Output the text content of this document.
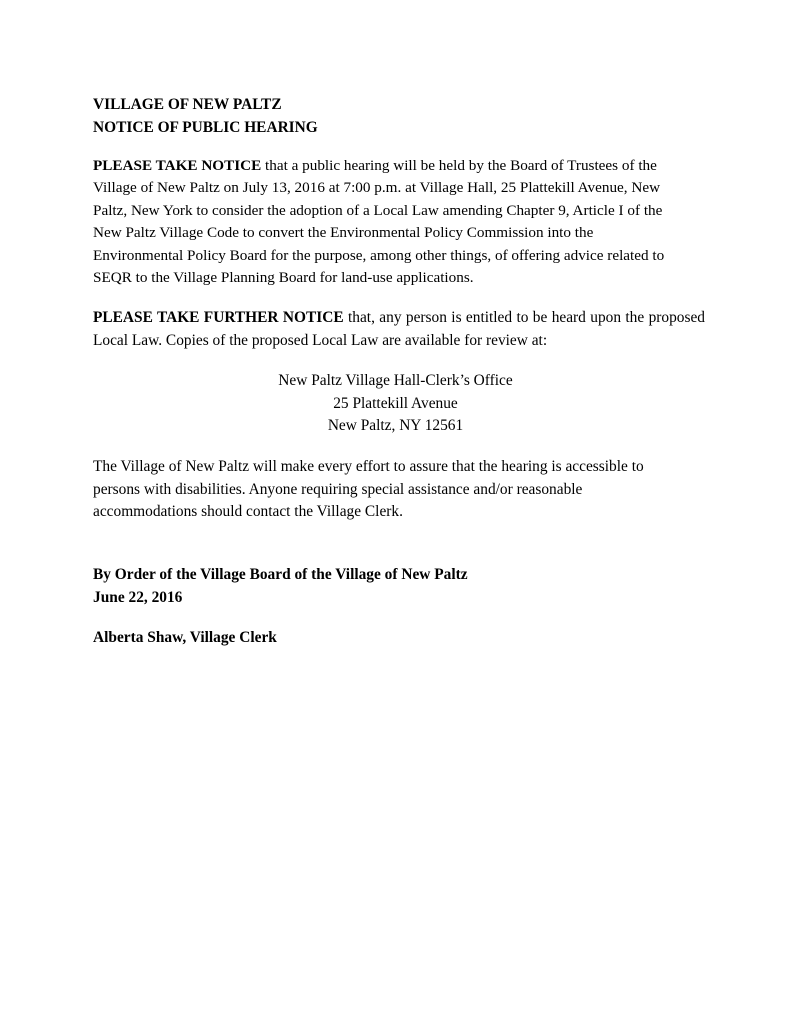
VILLAGE OF NEW PALTZ
NOTICE OF PUBLIC HEARING
PLEASE TAKE NOTICE that a public hearing will be held by the Board of Trustees of the Village of New Paltz on July 13, 2016 at 7:00 p.m. at Village Hall, 25 Plattekill Avenue, New Paltz, New York to consider the adoption of a Local Law amending Chapter 9, Article I of the New Paltz Village Code to convert the Environmental Policy Commission into the Environmental Policy Board for the purpose, among other things, of offering advice related to SEQR to the Village Planning Board for land-use applications.
PLEASE TAKE FURTHER NOTICE that, any person is entitled to be heard upon the proposed Local Law. Copies of the proposed Local Law are available for review at:
New Paltz Village Hall-Clerk’s Office
25 Plattekill Avenue
New Paltz, NY 12561
The Village of New Paltz will make every effort to assure that the hearing is accessible to persons with disabilities. Anyone requiring special assistance and/or reasonable accommodations should contact the Village Clerk.
By Order of the Village Board of the Village of New Paltz
June 22, 2016
Alberta Shaw, Village Clerk
